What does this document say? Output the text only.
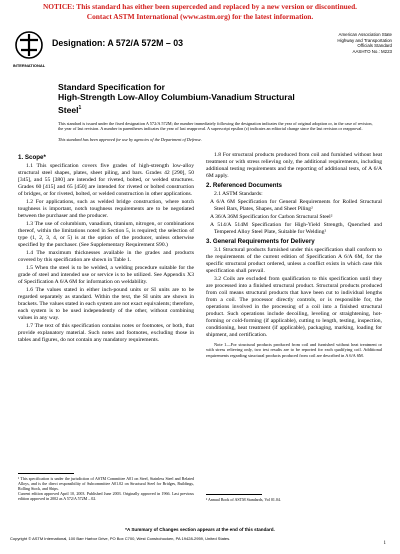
NOTICE: This standard has either been superceded and replaced by a new version or discontinued.
Contact ASTM International (www.astm.org) for the latest information.
INTERNATIONAL
Designation: A 572/A 572M – 03
American Association State
Highway and Transportation
Officials Standard
AASHTO No.: M223
Standard Specification for
High-Strength Low-Alloy Columbium-Vanadium Structural
Steel$^1$
This standard is issued under the fixed designation A 572/A 572M; the number immediately following the designation indicates the year of original adoption or, in the case of revision, the year of last revision. A number in parentheses indicates the year of last reapproval. A superscript epsilon (ε) indicates an editorial change since the last revision or reapproval.
This standard has been approved for use by agencies of the Department of Defense.
1. Scope*

1.1 This specification covers five grades of high-strength low-alloy structural steel shapes, plates, sheet piling, and bars. Grades 42 [290], 50 [345], and 55 [380] are intended for riveted, bolted, or welded structures. Grades 60 [415] and 65 [450] are intended for riveted or bolted construction of bridges, or for riveted, bolted, or welded construction in other applications.

1.2 For applications, such as welded bridge construction, where notch toughness is important, notch toughness requirements are to be negotiated between the purchaser and the producer.

1.3 The use of columbium, vanadium, titanium, nitrogen, or combinations thereof, within the limitations noted in Section 5, is required; the selection of type (1, 2, 3, 4, or 5) is at the option of the producer, unless otherwise specified by the purchaser. (See Supplementary Requirement S90.)

1.4 The maximum thicknesses available in the grades and products covered by this specification are shown in Table 1.

1.5 When the steel is to be welded, a welding procedure suitable for the grade of steel and intended use or service is to be utilized. See Appendix X3 of Specification A 6/A 6M for information on weldability.

1.6 The values stated in either inch-pound units or SI units are to be regarded separately as standard. Within the text, the SI units are shown in brackets. The values stated in each system are not exact equivalents; therefore, each system is to be used independently of the other, without combining values in any way.

1.7 The text of this specification contains notes or footnotes, or both, that provide explanatory material. Such notes and footnotes, excluding those in tables and figures, do not contain any mandatory requirements.

¹ This specification is under the jurisdiction of ASTM Committee A01 on Steel, Stainless Steel and Related Alloys, and is the direct responsibility of Subcommittee A01.02 on Structural Steel for Bridges, Buildings, Rolling Stock, and Ships.

Current edition approved April 10, 2003. Published June 2003. Originally approved in 1966. Last previous edition approved in 2002 as A 572/A 572M – 02.

1.8 For structural products produced from coil and furnished without heat treatment or with stress relieving only, the additional requirements, including additional testing requirements and the reporting of additional tests, of A 6/A 6M apply.

2. Referenced Documents

2.1 ASTM Standards:

A 6/A 6M Specification for General Requirements for Rolled Structural Steel Bars, Plates, Shapes, and Sheet Piling²

A 36/A 36M Specification for Carbon Structural Steel²

A 514/A 514M Specification for High-Yield Strength, Quenched and Tempered Alloy Steel Plate, Suitable for Welding²

3. General Requirements for Delivery

3.1 Structural products furnished under this specification shall conform to the requirements of the current edition of Specification A 6/A 6M, for the specific structural product ordered, unless a conflict exists in which case this specification shall prevail.

3.2 Coils are excluded from qualification to this specification until they are processed into a finished structural product. Structural products produced from coil means structural products that have been cut to individual lengths from a coil. The processor directly controls, or is responsible for, the operations involved in the processing of a coil into a finished structural product. Such operations include decoiling, leveling or straightening, hot-forming or cold-forming (if applicable), cutting to length, testing, inspection, conditioning, heat treatment (if applicable), packaging, marking, loading for shipment, and certification.

Note 1—For structural products produced from coil and furnished without heat treatment or with stress relieving only, two test results are to be reported for each qualifying coil. Additional requirements regarding structural products produced from coil are described in A 6/A 6M.

² Annual Book of ASTM Standards, Vol 01.04.

*A Summary of Changes section appears at the end of this standard.
Copyright © ASTM International, 100 Barr Harbor Drive, PO Box C700, West Conshohocken, PA 19428-2959, United States.
1
